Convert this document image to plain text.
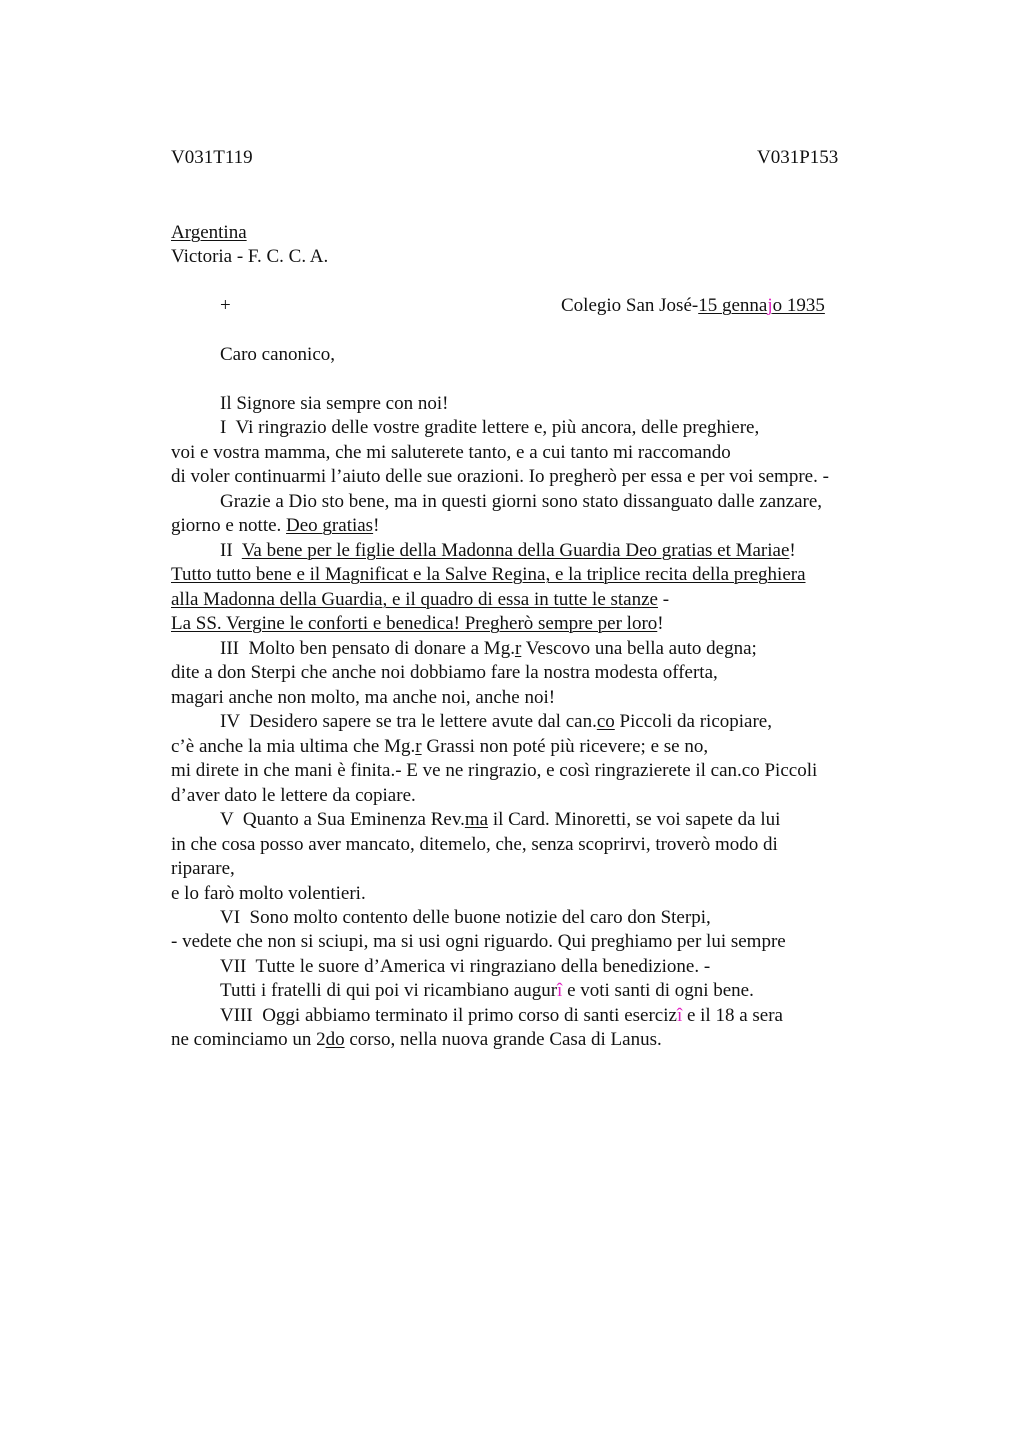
V031T119	V031P153
Argentina
Victoria - F. C. C. A.
+	Colegio San José-15 gennajo 1935
Caro canonico,
Il Signore sia sempre con noi!
I  Vi ringrazio delle vostre gradite lettere e, più ancora, delle preghiere,
voi e vostra mamma, che mi saluterete tanto, e a cui tanto mi raccomando
di voler continuarmi l’aiuto delle sue orazioni. Io pregherò per essa e per voi sempre. -
Grazie a Dio sto bene, ma in questi giorni sono stato dissanguato dalle zanzare,
giorno e notte. Deo gratias!
II  Va bene per le figlie della Madonna della Guardia Deo gratias et Mariae!
Tutto tutto bene e il Magnificat e la Salve Regina, e la triplice recita della preghiera
alla Madonna della Guardia, e il quadro di essa in tutte le stanze -
La SS. Vergine le conforti e benedica! Pregherò sempre per loro!
III  Molto ben pensato di donare a Mg.r Vescovo una bella auto degna;
dite a don Sterpi che anche noi dobbiamo fare la nostra modesta offerta,
magari anche non molto, ma anche noi, anche noi!
IV  Desidero sapere se tra le lettere avute dal can.co Piccoli da ricopiare,
c’è anche la mia ultima che Mg.r Grassi non poté più ricevere; e se no,
mi direte in che mani è finita.- E ve ne ringrazio, e così ringrazierete il can.co Piccoli
d’aver dato le lettere da copiare.
V  Quanto a Sua Eminenza Rev.ma il Card. Minoretti, se voi sapete da lui
in che cosa posso aver mancato, ditemelo, che, senza scoprirvi, troverò modo di
riparare,
e lo farò molto volentieri.
VI  Sono molto contento delle buone notizie del caro don Sterpi,
- vedete che non si sciupi, ma si usi ogni riguardo. Qui preghiamo per lui sempre
VII  Tutte le suore d’America vi ringraziano della benedizione. -
Tutti i fratelli di qui poi vi ricambiano augurî e voti santi di ogni bene.
VIII  Oggi abbiamo terminato il primo corso di santi esercizî e il 18 a sera
ne cominciamo un 2do corso, nella nuova grande Casa di Lanus.
